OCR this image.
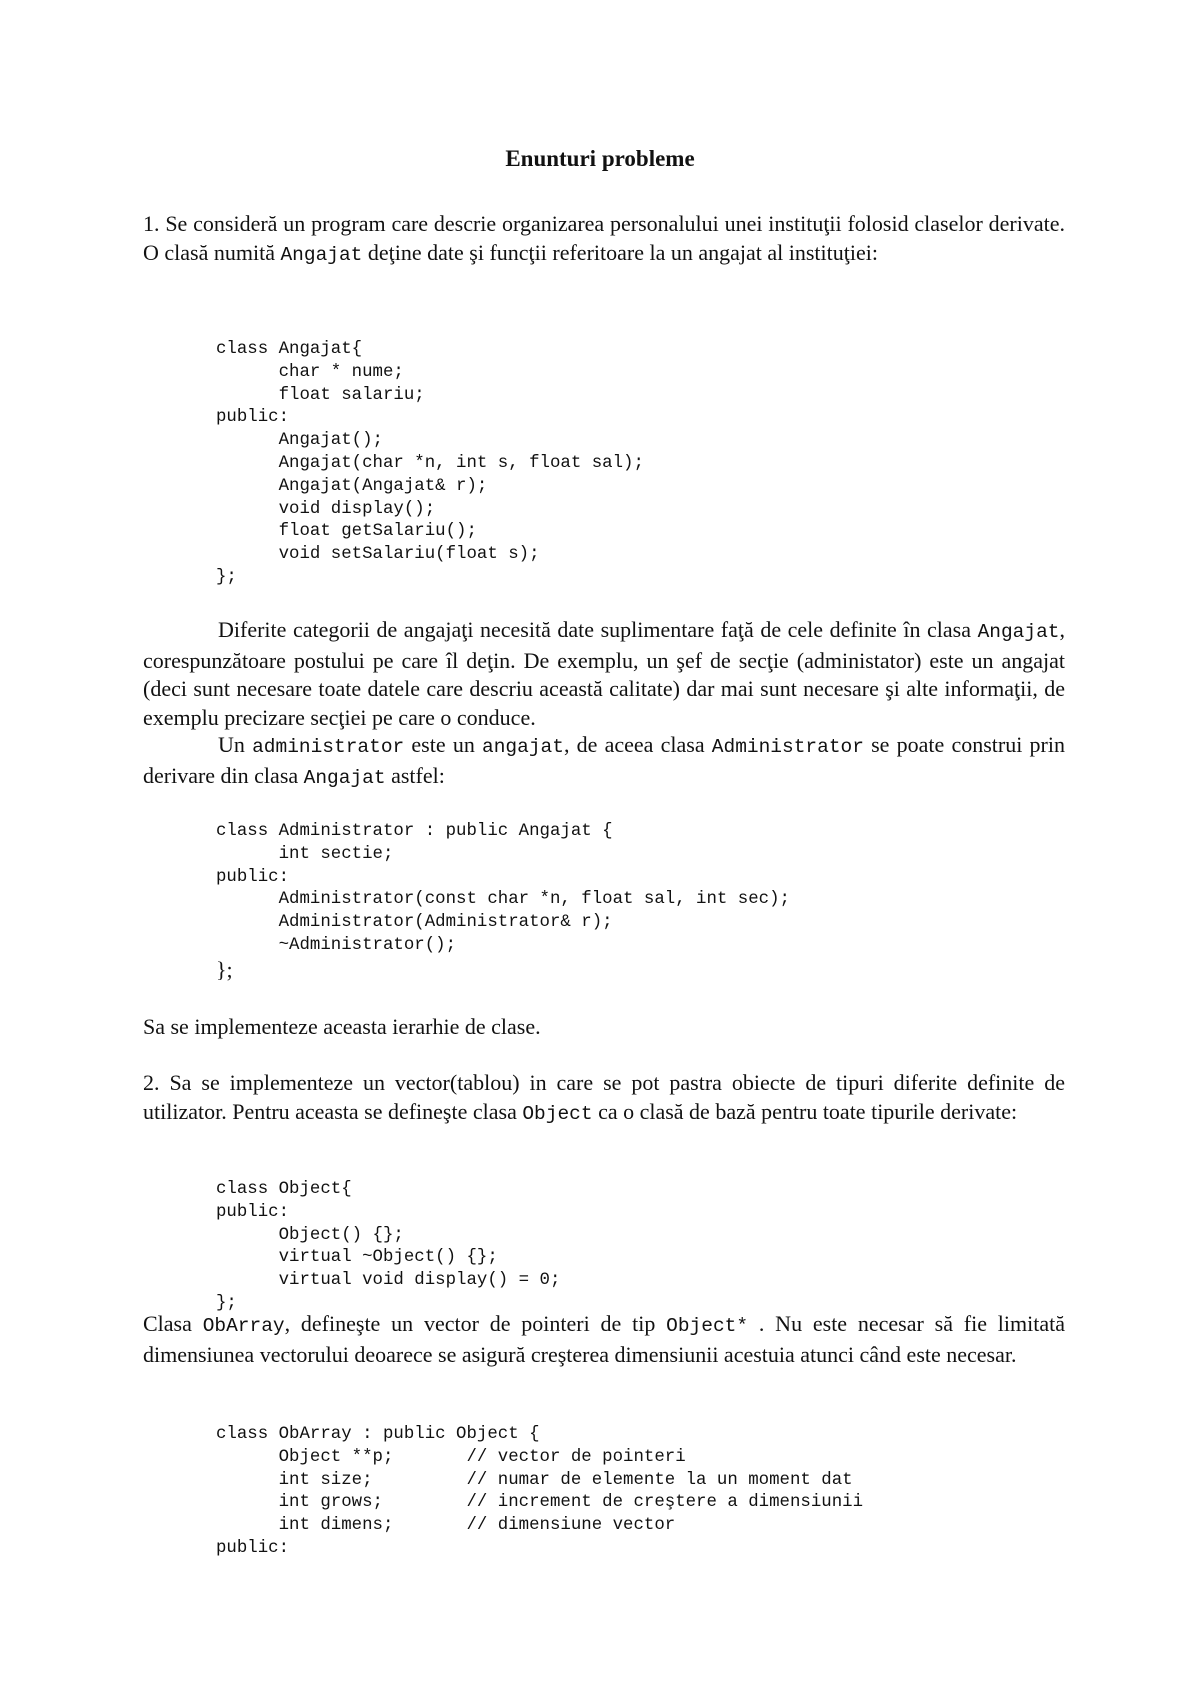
Enunturi probleme
1. Se consideră un program care descrie organizarea personalului unei instituţii folosid claselor derivate. O clasă numită Angajat deţine date şi funcţii referitoare la un angajat al instituţiei:
class Angajat{
char * nume;
float salariu;
public:
Angajat();
Angajat(char *n, int s, float sal);
Angajat(Angajat& r);
void display();
float getSalariu();
void setSalariu(float s);
};
Diferite categorii de angajaţi necesită date suplimentare faţă de cele definite în clasa Angajat, corespunzătoare postului pe care îl deţin. De exemplu, un şef de secţie (administator) este un angajat (deci sunt necesare toate datele care descriu această calitate) dar mai sunt necesare şi alte informaţii, de exemplu precizare secţiei pe care o conduce.
Un administrator este un angajat, de aceea clasa Administrator se poate construi prin derivare din clasa Angajat astfel:
class Administrator : public Angajat {
int sectie;
public:
Administrator(const char *n, float sal, int sec);
Administrator(Administrator& r);
~Administrator();
};
Sa se implementeze aceasta ierarhie de clase.
2. Sa se implementeze un vector(tablou) in care se pot pastra obiecte de tipuri diferite definite de utilizator. Pentru aceasta se defineşte clasa Object ca o clasă de bază pentru toate tipurile derivate:
class Object{
public:
Object() {};
virtual ~Object() {};
virtual void display() = 0;
};
Clasa ObArray, defineşte un vector de pointeri de tip Object* . Nu este necesar să fie limitată dimensiunea vectorului deoarece se asigură creşterea dimensiunii acestuia atunci când este necesar.
class ObArray : public Object {
Object **p;       // vector de pointeri
int size;         // numar de elemente la un moment dat
int grows;        // increment de creştere a dimensiunii
int dimens;       // dimensiune vector
public:
